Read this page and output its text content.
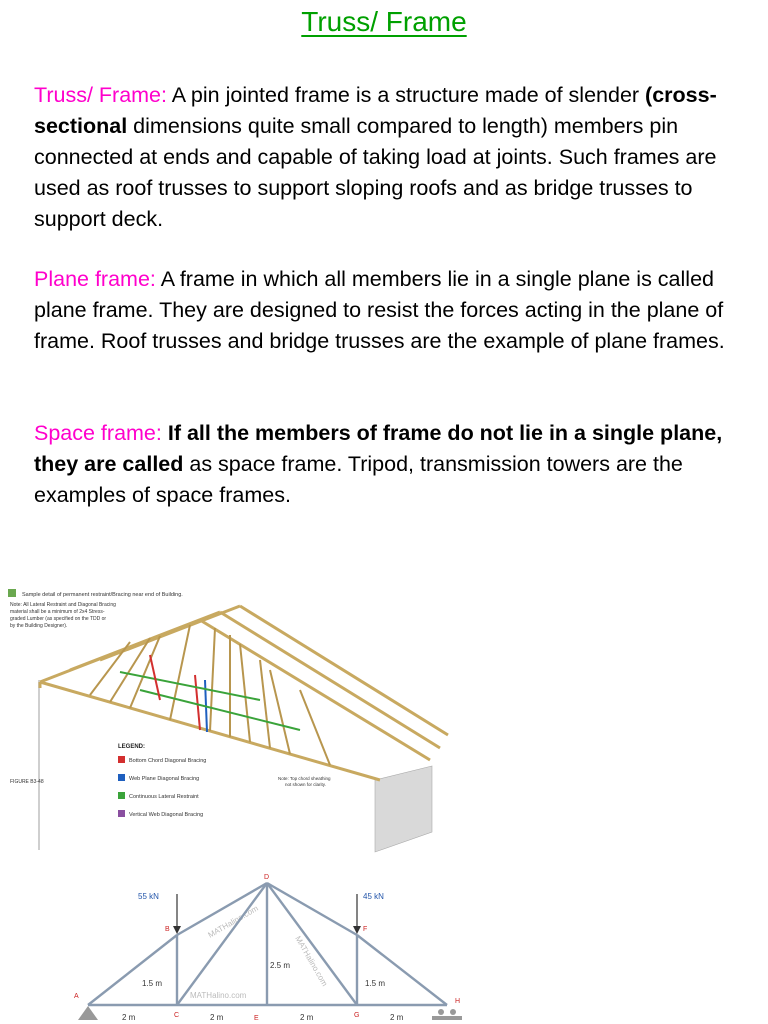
Truss/ Frame
Truss/ Frame: A pin jointed frame is a structure made of slender (cross-sectional dimensions quite small compared to length) members pin connected at ends and capable of taking load at joints. Such frames are used as roof trusses to support sloping roofs and as bridge trusses to support deck.
Plane frame: A frame in which all members lie in a single plane is called plane frame. They are designed to resist the forces acting in the plane of frame. Roof trusses and bridge trusses are the example of plane frames.
Space frame: If all the members of frame do not lie in a single plane, they are called as space frame. Tripod, transmission towers are the examples of space frames.
Sample detail of permanent restraint/Bracing near end of Building.
Note: All Lateral Restraint and Diagonal Bracing
material shall be a minimum of 2x4 Stress-
graded Lumber (as specified on the TDD or
by the Building Designer).
LEGEND:
Bottom Chord Diagonal Bracing
Web Plane Diagonal Bracing
Continuous Lateral Restraint
Vertical Web Diagonal Bracing
FIGURE B3-48
Note: Top chord sheathing
not shown for clarity.
MATHalino.com
MATHalino.com
MATHalino.com
55 kN	45 kN
A
B
C
D
E
F
G
H
1.5 m
2.5 m
1.5 m
2 m	2 m	2 m	2 m
